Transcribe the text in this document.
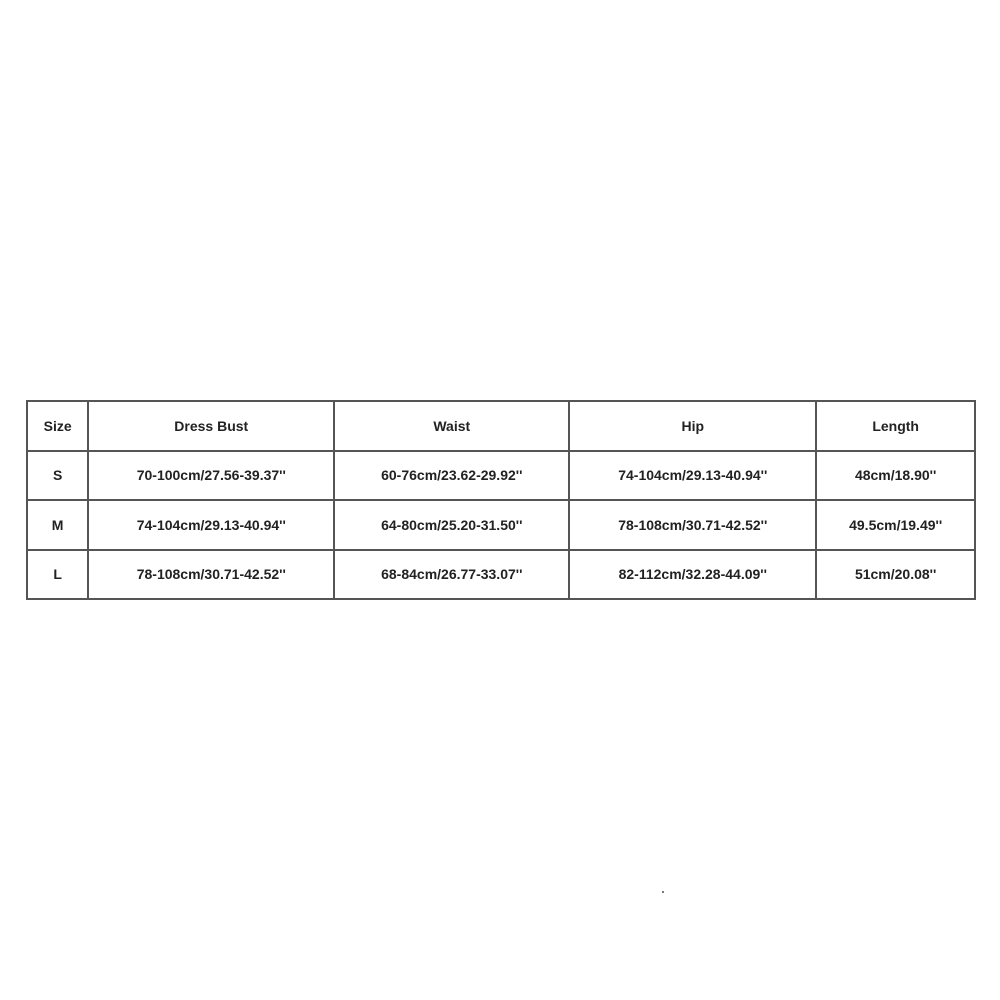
Size	Dress Bust	Waist	Hip	Length
S	70-100cm/27.56-39.37''	60-76cm/23.62-29.92''	74-104cm/29.13-40.94''	48cm/18.90''
M	74-104cm/29.13-40.94''	64-80cm/25.20-31.50''	78-108cm/30.71-42.52''	49.5cm/19.49''
L	78-108cm/30.71-42.52''	68-84cm/26.77-33.07''	82-112cm/32.28-44.09''	51cm/20.08''
